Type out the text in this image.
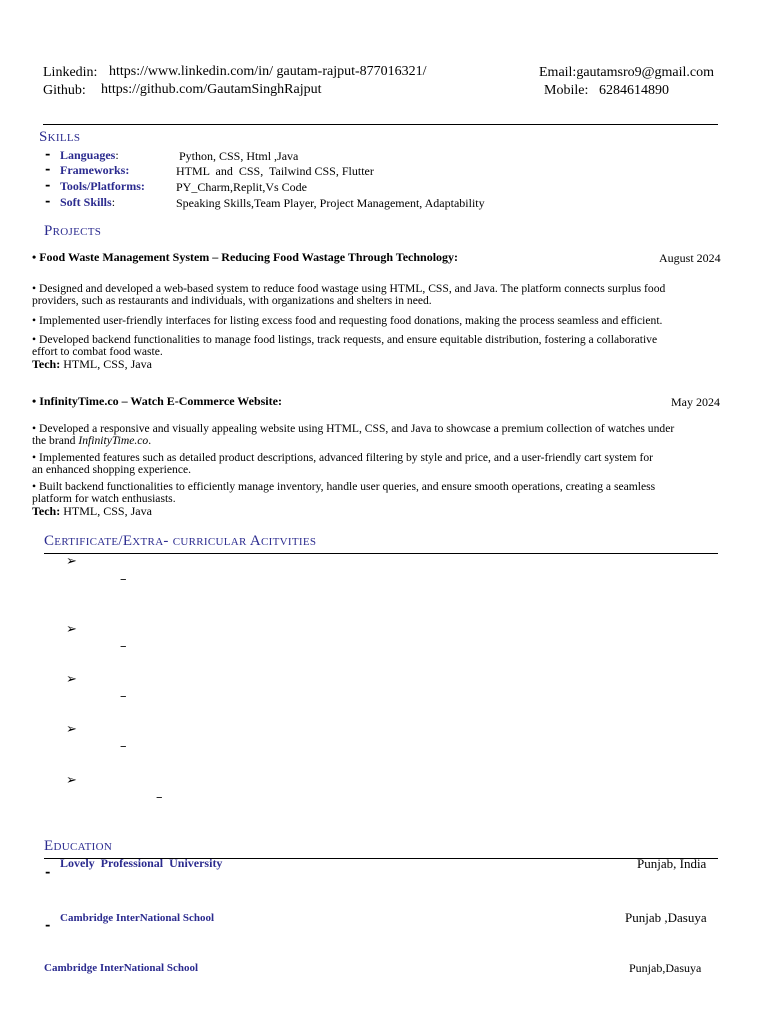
Linkedin: https://www.linkedin.com/in/ gautam-rajput-877016321/
Github: https://github.com/GautamSinghRajput
Email:gautamsro9@gmail.com
Mobile: 6284614890
Skills
- Languages:	Python, CSS, Html ,Java
- Frameworks:	HTML  and  CSS,  Tailwind CSS, Flutter
- Tools/Platforms:	PY_Charm,Replit,Vs Code
- Soft Skills:	Speaking Skills,Team Player, Project Management, Adaptability
Projects
• Food Waste Management System – Reducing Food Wastage Through Technology:	August 2024
• Designed and developed a web-based system to reduce food wastage using HTML, CSS, and Java. The platform connects surplus food
providers, such as restaurants and individuals, with organizations and shelters in need.
• Implemented user-friendly interfaces for listing excess food and requesting food donations, making the process seamless and efficient.
• Developed backend functionalities to manage food listings, track requests, and ensure equitable distribution, fostering a collaborative
effort to combat food waste.
Tech: HTML, CSS, Java
• InfinityTime.co – Watch E-Commerce Website:	May 2024
• Developed a responsive and visually appealing website using HTML, CSS, and Java to showcase a premium collection of watches under
the brand InfinityTime.co.
• Implemented features such as detailed product descriptions, advanced filtering by style and price, and a user-friendly cart system for
an enhanced shopping experience.
• Built backend functionalities to efficiently manage inventory, handle user queries, and ensure smooth operations, creating a seamless
platform for watch enthusiasts.
Tech: HTML, CSS, Java
Certificate/Extra- curricular Acitvities
➢
–
➢
–
➢
–
➢
–
➢
–
Education
-
Lovely  Professional  University	Punjab, India
- Cambridge InterNational School	Punjab ,Dasuya
Cambridge InterNational School	Punjab,Dasuya
